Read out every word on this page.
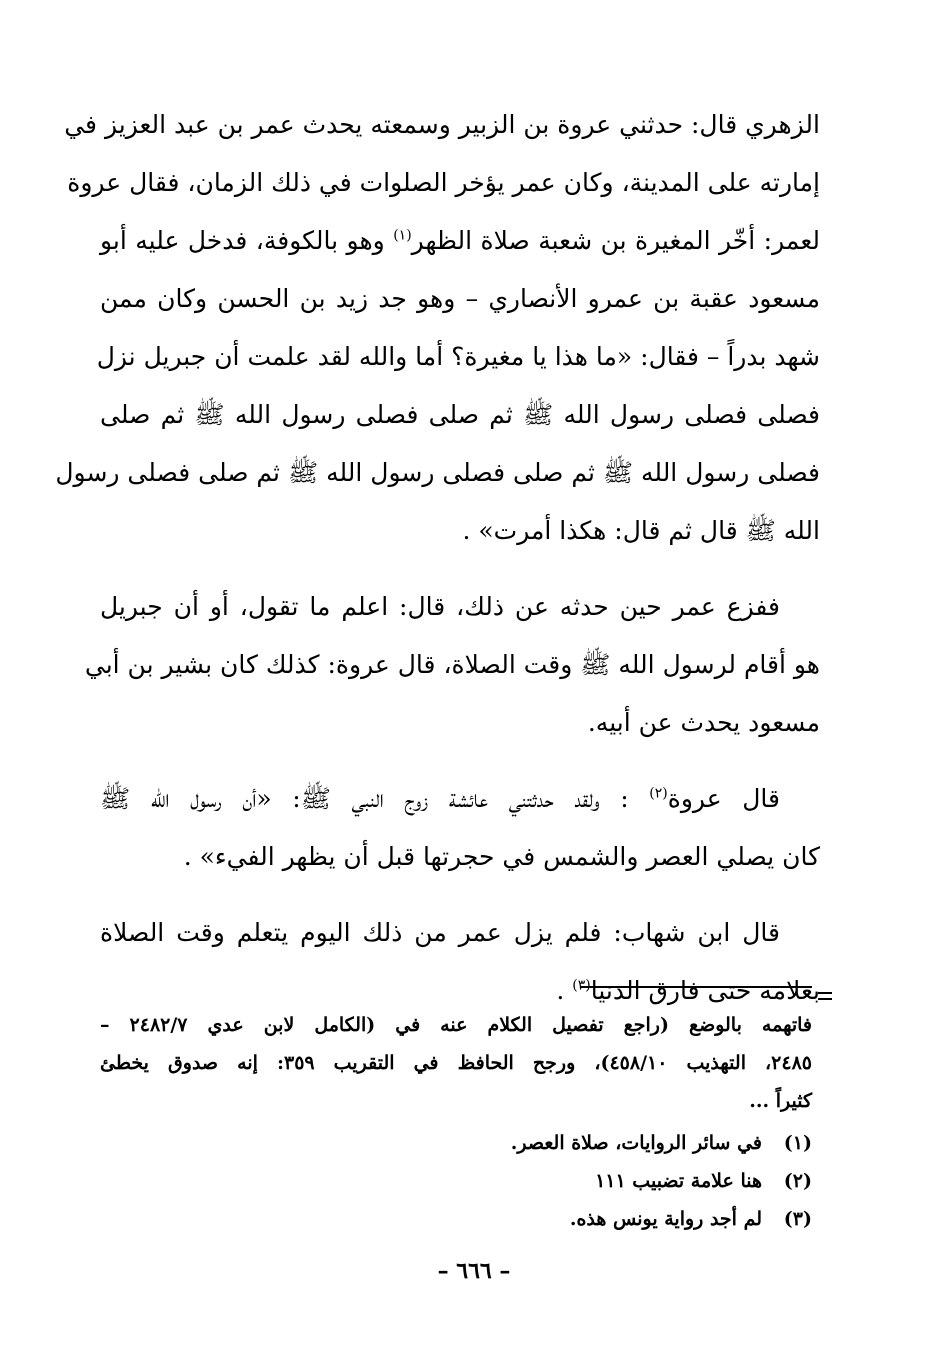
الزهري قال: حدثني عروة بن الزبير وسمعته يحدث عمر بن عبد العزيز في
إمارته على المدينة، وكان عمر يؤخر الصلوات في ذلك الزمان، فقال عروة
لعمر: أخّر المغيرة بن شعبة صلاة الظهر$^{(١)}$ وهو بالكوفة، فدخل عليه أبو
مسعود عقبة بن عمرو الأنصاري – وهو جد زيد بن الحسن وكان ممن
شهد بدراً – فقال: «ما هذا يا مغيرة؟ أما والله لقد علمت أن جبريل نزل
فصلى فصلى رسول الله ﷺ ثم صلى فصلى رسول الله ﷺ ثم صلى
فصلى رسول الله ﷺ ثم صلى فصلى رسول الله ﷺ ثم صلى فصلى رسول
الله ﷺ قال ثم قال: هكذا أمرت» .

ففزع عمر حين حدثه عن ذلك، قال: اعلم ما تقول، أو أن جبريل
هو أقام لرسول الله ﷺ وقت الصلاة، قال عروة: كذلك كان بشير بن أبي
مسعود يحدث عن أبيه.

قال عروة$^{(٢)}$ : ولقد حدثتني عائشة زوج النبي ﷺ: «أن رسول الله ﷺ
كان يصلي العصر والشمس في حجرتها قبل أن يظهر الفيء» .

قال ابن شهاب: فلم يزل عمر من ذلك اليوم يتعلم وقت الصلاة
بعلامة حتى فارق الدنيا$^{(٣)}$ .

فاتهمه بالوضع (راجع تفصيل الكلام عنه في (الكامل لابن عدي ٢٤٨٢/٧ –
٢٤٨٥، التهذيب ٤٥٨/١٠)، ورجح الحافظ في التقريب ٣٥٩: إنه صدوق يخطئ
كثيراً ...
(١)في سائر الروايات، صلاة العصر.
(٢)هنا علامة تضبيب ١١١
(٣)لم أجد رواية يونس هذه.
– ٦٦٦ –
